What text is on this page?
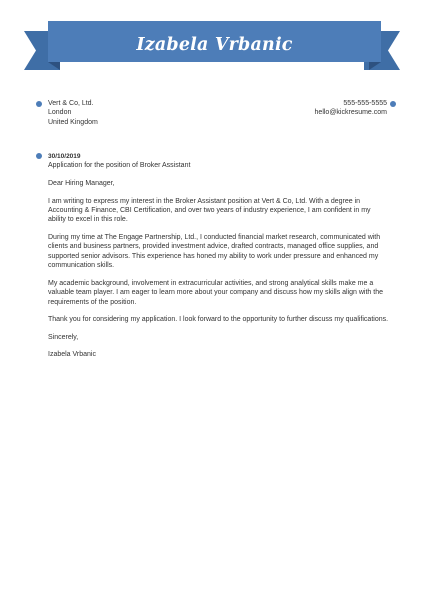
Izabela Vrbanic
Vert & Co, Ltd.
London
United Kingdom
555-555-5555
hello@kickresume.com
30/10/2019
Application for the position of Broker Assistant

Dear Hiring Manager,

I am writing to express my interest in the Broker Assistant position at Vert & Co, Ltd. With a degree in Accounting & Finance, CBI Certification, and over two years of industry experience, I am confident in my ability to excel in this role.

During my time at The Engage Partnership, Ltd., I conducted financial market research, communicated with clients and business partners, provided investment advice, drafted contracts, managed office supplies, and supported senior advisors. This experience has honed my ability to work under pressure and enhanced my communication skills.

My academic background, involvement in extracurricular activities, and strong analytical skills make me a valuable team player. I am eager to learn more about your company and discuss how my skills align with the requirements of the position.

Thank you for considering my application. I look forward to the opportunity to further discuss my qualifications.

Sincerely,

Izabela Vrbanic
